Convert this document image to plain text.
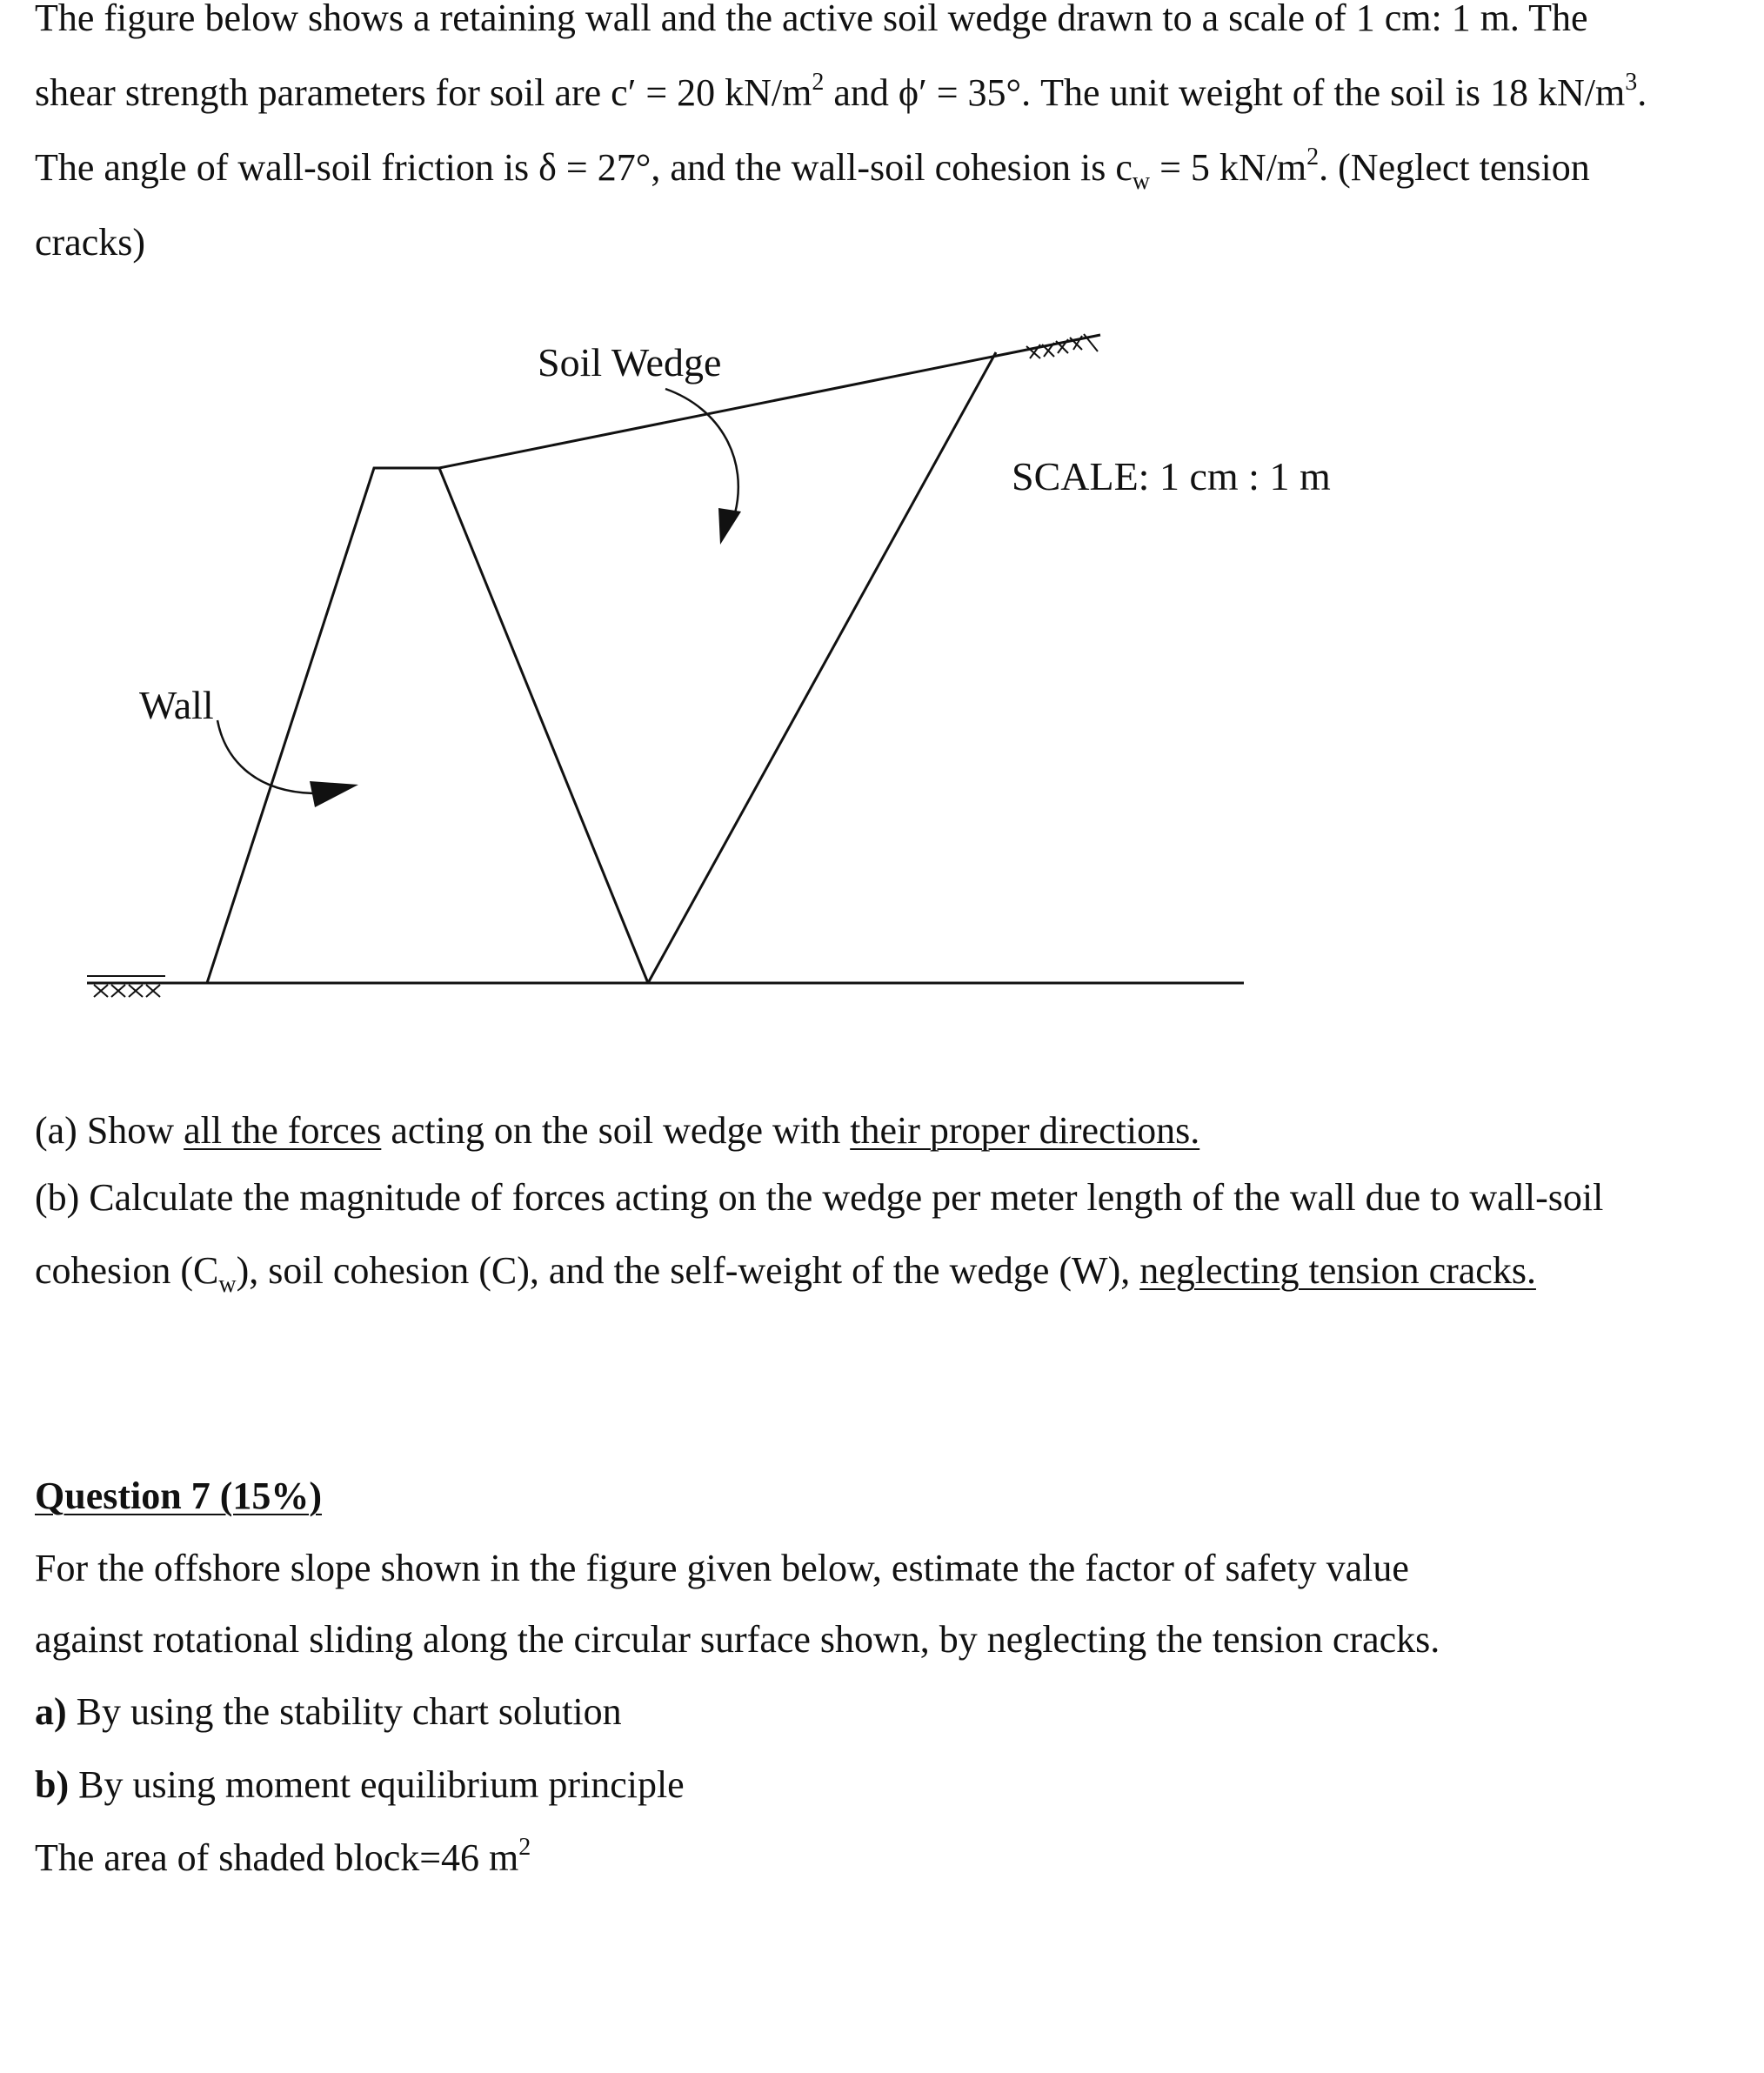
The figure below shows a retaining wall and the active soil wedge drawn to a scale of 1 cm: 1 m. The shear strength parameters for soil are c′ = 20 $kN/m^2$ and ϕ′ = 35°. The unit weight of the soil is 18 $kN/m^3$. The angle of wall-soil friction is δ = 27°, and the wall-soil cohesion is $c_w = 5$ $kN/m^2$. (Neglect tension cracks)

Soil Wedge
Wall
SCALE: 1 cm : 1 m

(a) Show all the forces acting on the soil wedge with their proper directions.

(b) Calculate the magnitude of forces acting on the wedge per meter length of the wall due to wall-soil cohesion $(C_w)$, soil cohesion (C), and the self-weight of the wedge (W), neglecting tension cracks.

Question 7 (15%)

For the offshore slope shown in the figure given below, estimate the factor of safety value

against rotational sliding along the circular surface shown, by neglecting the tension cracks.

a) By using the stability chart solution

b) By using moment equilibrium principle

The area of shaded block=46 $m^2$
